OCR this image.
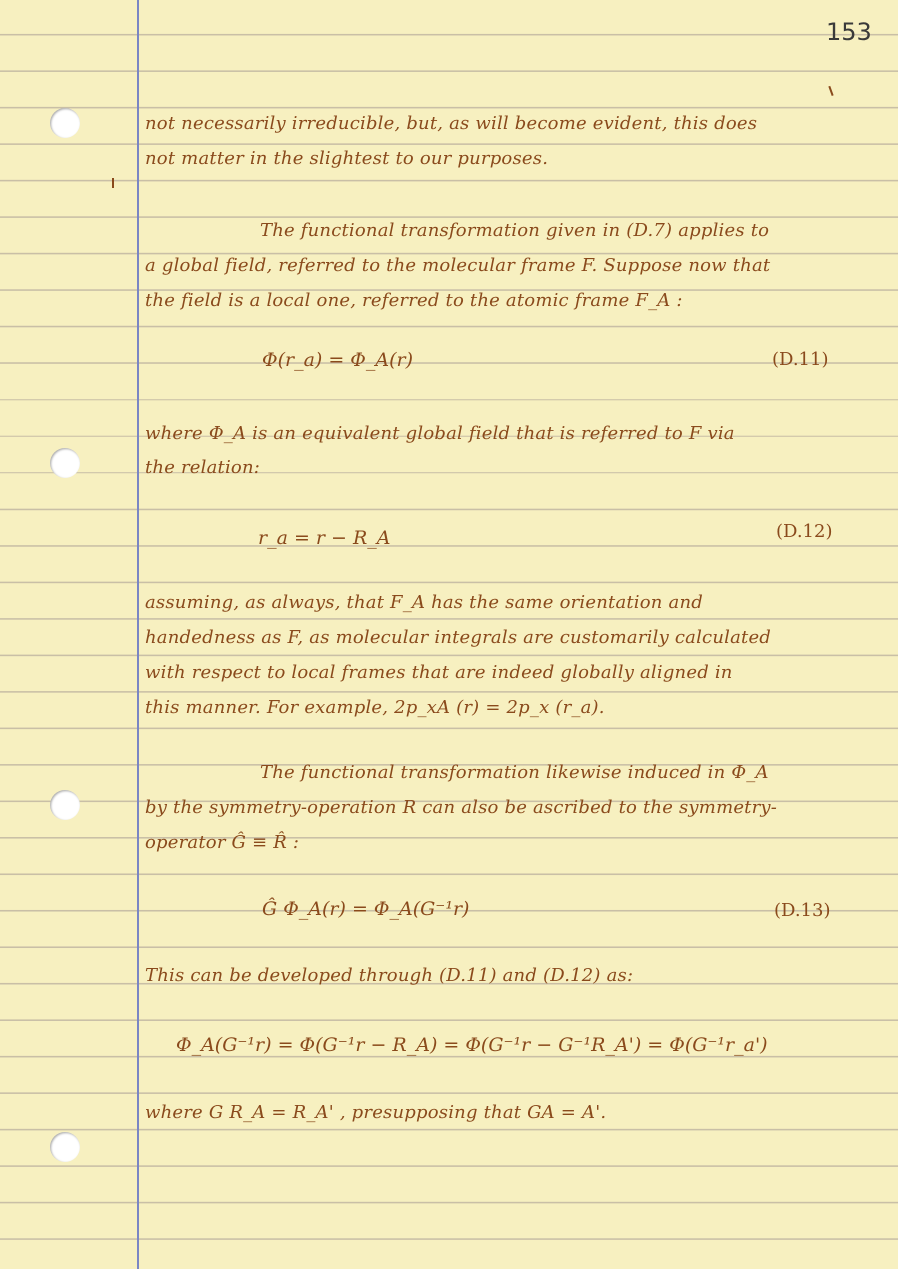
153
not necessarily irreducible, but, as will become evident, this does
not matter in the slightest to our purposes.
The functional transformation given in (D.7) applies to
a global field, referred to the molecular frame F. Suppose now that
the field is a local one, referred to the atomic frame F_A :
Φ(r_a) = Φ_A(r)	(D.11)
where Φ_A is an equivalent global field that is referred to F via
the relation:
r_a = r − R_A	(D.12)
assuming, as always, that F_A has the same orientation and
handedness as F, as molecular integrals are customarily calculated
with respect to local frames that are indeed globally aligned in
this manner. For example, 2p_xA (r) = 2p_x (r_a).
The functional transformation likewise induced in Φ_A
by the symmetry-operation R can also be ascribed to the symmetry-
operator Ĝ ≡ R̂ :
Ĝ Φ_A(r) = Φ_A(G⁻¹r)	(D.13)
This can be developed through (D.11) and (D.12) as:
Φ_A(G⁻¹r) = Φ(G⁻¹r − R_A) = Φ(G⁻¹r − G⁻¹R_A') = Φ(G⁻¹r_a')
where G R_A = R_A' , presupposing that GA = A'.
